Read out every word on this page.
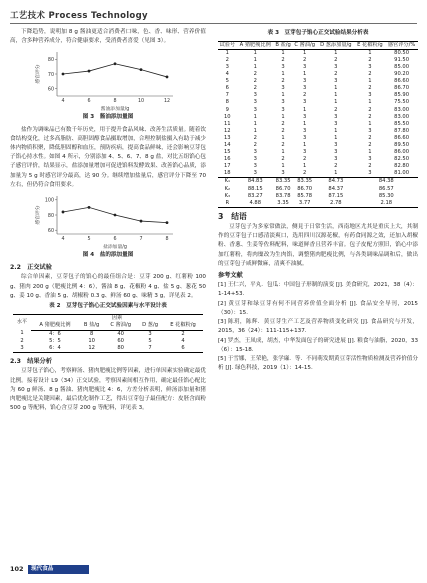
工艺技术 Process Technology

下降趋势，说明加 8 g 酱油更适合消费者口味，色、香、味形、营养价值高，含多种营养成分，符合健康要求，受消费者喜爱（见图 3）。

60
70
80
4	6	8	10	12
酱油添加量/g
感官评分
图 3　酱油添加量图

盐作为调味品已有数千年历史，用于提升食品风味、改善生活质量。随着饮食结构变化，过多高脂肪、高胆固醇食品摄取增加，合理控制盐摄入有助于减少体内物质积聚，降低胆固醇和血压，预防疾病，提高食品鲜味，还会影响豆芽包子馅心持水性。如图 4 所示，分别添加 4、5、6、7、8 g 盐，对比五组馅心包子感官评价，结果显示，盐添加量增加可促进馅料发酵效果、改善馅心品质，添加量为 5 g 时感官评分最高，达 90 分。继续增加盐量后，感官评分下降至 70 左右，但仍符合食用要求。

60
80
100
4	5	6	7	8
盐添加量/g
感官评分
图 4　盐的添加量图
2.2　正交试验

综合单因素，豆芽包子的馅心的最佳组合是：豆芽 200 g、红薯粉 100 g、猪肉 200 g（肥瘦比例 4：6），酱油 8 g、花椒粉 4 g、盐 5 g、葱花 50 g、姜 10 g、香油 5 g、胡椒粉 0.3 g、鲜汤 60 g、味精 3 g，详见表 2。

表 2　豆芽包子馅心正交试验因素与水平设计表
水平	因素				
	A 猪肥瘦比例	B 盐/g	C 酱油/g	D 葱/g	E 花椒粉/g
1	4：6	8	40	3	2
2	5：5	10	60	5	4
3	6：4	12	80	7	6
2.3　结果分析

豆芽包子馅心，考察鲜汤、猪肉肥瘦比例等因素，进行单因素实验确定最优比例。接着设计 L9（34）正交试验，考察因素间相互作用，确定最佳馅心配比为 60 g 鲜汤、8 g 酱油、猪肉肥瘦比 4：6，方差分析表明，鲜汤添加量和猪肉肥瘦比是关键因素，最后优化制作工艺，得出豆芽包子最佳配方：皮胚含面粉 500 g 等配料，馅心含豆芽 200 g 等配料，详见表 3。

表 3　豆芽包子馅心正交试验结果分析表
试验号	A 猪肥瘦比例	B 盐/g	C 酱油/g	D 葱添加量/g	E 花椒粉/g	感官评分/%
1	1	1	1	1	1	80.50
2	1	2	2	2	2	91.50
3	1	3	3	3	3	85.00
4	2	1	1	2	2	90.20
5	2	2	3	3	1	86.60
6	2	3	3	1	2	86.70
7	3	1	2	1	3	85.90
8	3	3	3	1	1	75.50
9	3	3	1	2	2	83.00
10	1	1	3	3	2	83.00
11	1	2	1	3	1	85.50
12	1	2	3	1	3	87.80
13	2	1	3	1	2	86.60
14	2	2	1	3	2	89.50
15	3	1	3	3	1	86.00
16	3	2	2	3	3	82.50
17	3	1	1	2	2	82.80
18	3	3	2	1	3	81.00
K₁	84.83	83.35	83.35	84.73	84.38	
K₂	88.15	86.70	86.70	84.37	86.57	
K₃	83.27	83.78	85.78	87.15	85.30	
R	4.88	3.35	3.77	2.78	2.18	
3　结语

豆芽包子为多家常做法，侧見于日常生活，西南地区尤其是重庆上大，其制作的豆芽包子口感清淡爽口，选用四川汉源花椒，有药食同源之效，还加入胡椒粉、香葱、生姜等佐料配料，味道鲜香且营养丰富。包子皮配方照旧，馅心中添加红薯粉，将肉糜改为生肉馅，调整猪肉肥瘦比例，与各类调味品调和后，做出的豆芽包子咸鲜微麻，清爽不油腻。

参考文献

[1] 王仁兴，平丸．包瓜：中国包子形制的演变 [J]. 美食研究，2021，38（4）：1-14+53.

[2] 黄豆芽和绿豆芽有何不同营养价值全面分析 [J]. 食品安全导刊，2015（30）：15.

[3] 陈玥，陈辉．黄豆芽生产工艺及营养物质变化研究 [J]. 食品研究与开发，2015，36（24）：111-115+137.

[4] 罗杰，王凤成，胡杰，中华发面包子的研究进展 [J]. 粮食与油脂，2020，33（6）：15-18.

[5] 于雪娜，王荣艳，张学廉．等．不同萌发期黄豆芽活性物质检测及营养价值分析 [J]. 绿色科技，2019（1）：14-15.

102	现代食品 XIANDAISHIPIN
